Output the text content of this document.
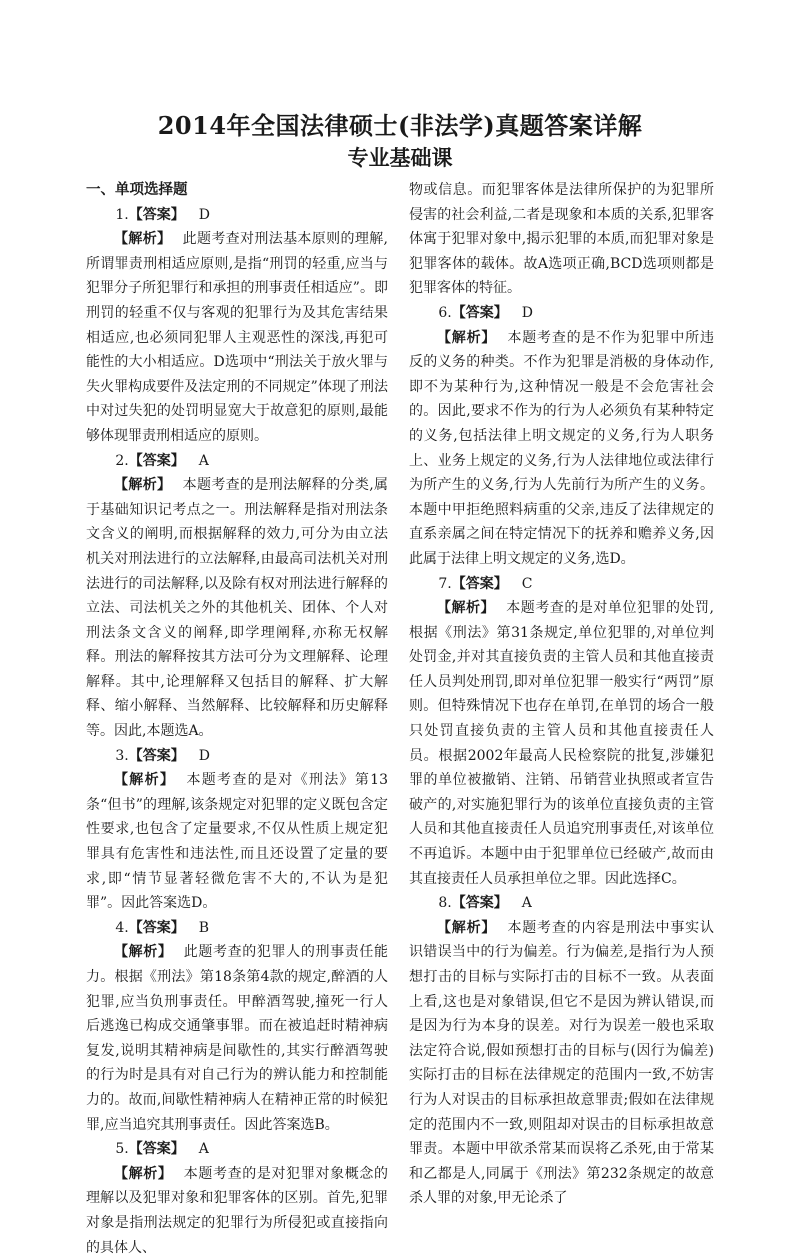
2014年全国法律硕士(非法学)真题答案详解
专业基础课

一、单项选择题

1.【答案】 D

【解析】 此题考查对刑法基本原则的理解,所谓罪责刑相适应原则,是指“刑罚的轻重,应当与犯罪分子所犯罪行和承担的刑事责任相适应”。即刑罚的轻重不仅与客观的犯罪行为及其危害结果相适应,也必须同犯罪人主观恶性的深浅,再犯可能性的大小相适应。D选项中“刑法关于放火罪与失火罪构成要件及法定刑的不同规定”体现了刑法中对过失犯的处罚明显宽大于故意犯的原则,最能够体现罪责刑相适应的原则。

2.【答案】 A

【解析】 本题考查的是刑法解释的分类,属于基础知识记考点之一。刑法解释是指对刑法条文含义的阐明,而根据解释的效力,可分为由立法机关对刑法进行的立法解释,由最高司法机关对刑法进行的司法解释,以及除有权对刑法进行解释的立法、司法机关之外的其他机关、团体、个人对刑法条文含义的阐释,即学理阐释,亦称无权解释。刑法的解释按其方法可分为文理解释、论理解释。其中,论理解释又包括目的解释、扩大解释、缩小解释、当然解释、比较解释和历史解释等。因此,本题选A。

3.【答案】 D

【解析】 本题考查的是对《刑法》第13条“但书”的理解,该条规定对犯罪的定义既包含定性要求,也包含了定量要求,不仅从性质上规定犯罪具有危害性和违法性,而且还设置了定量的要求,即“情节显著轻微危害不大的,不认为是犯罪”。因此答案选D。

4.【答案】 B

【解析】 此题考查的犯罪人的刑事责任能力。根据《刑法》第18条第4款的规定,醉酒的人犯罪,应当负刑事责任。甲醉酒驾驶,撞死一行人后逃逸已构成交通肇事罪。而在被追赶时精神病复发,说明其精神病是间歇性的,其实行醉酒驾驶的行为时是具有对自己行为的辨认能力和控制能力的。故而,间歇性精神病人在精神正常的时候犯罪,应当追究其刑事责任。因此答案选B。

5.【答案】 A

【解析】 本题考查的是对犯罪对象概念的理解以及犯罪对象和犯罪客体的区别。首先,犯罪对象是指刑法规定的犯罪行为所侵犯或直接指向的具体人、

物或信息。而犯罪客体是法律所保护的为犯罪所侵害的社会利益,二者是现象和本质的关系,犯罪客体寓于犯罪对象中,揭示犯罪的本质,而犯罪对象是犯罪客体的载体。故A选项正确,BCD选项则都是犯罪客体的特征。

6.【答案】 D

【解析】 本题考查的是不作为犯罪中所违反的义务的种类。不作为犯罪是消极的身体动作,即不为某种行为,这种情况一般是不会危害社会的。因此,要求不作为的行为人必须负有某种特定的义务,包括法律上明文规定的义务,行为人职务上、业务上规定的义务,行为人法律地位或法律行为所产生的义务,行为人先前行为所产生的义务。本题中甲拒绝照料病重的父亲,违反了法律规定的直系亲属之间在特定情况下的抚养和赡养义务,因此属于法律上明文规定的义务,选D。

7.【答案】 C

【解析】 本题考查的是对单位犯罪的处罚,根据《刑法》第31条规定,单位犯罪的,对单位判处罚金,并对其直接负责的主管人员和其他直接责任人员判处刑罚,即对单位犯罪一般实行“两罚”原则。但特殊情况下也存在单罚,在单罚的场合一般只处罚直接负责的主管人员和其他直接责任人员。根据2002年最高人民检察院的批复,涉嫌犯罪的单位被撤销、注销、吊销营业执照或者宣告破产的,对实施犯罪行为的该单位直接负责的主管人员和其他直接责任人员追究刑事责任,对该单位不再追诉。本题中由于犯罪单位已经破产,故而由其直接责任人员承担单位之罪。因此选择C。

8.【答案】 A

【解析】 本题考查的内容是刑法中事实认识错误当中的行为偏差。行为偏差,是指行为人预想打击的目标与实际打击的目标不一致。从表面上看,这也是对象错误,但它不是因为辨认错误,而是因为行为本身的误差。对行为误差一般也采取法定符合说,假如预想打击的目标与(因行为偏差)实际打击的目标在法律规定的范围内一致,不妨害行为人对误击的目标承担故意罪责;假如在法律规定的范围内不一致,则阻却对误击的目标承担故意罪责。本题中甲欲杀常某而误将乙杀死,由于常某和乙都是人,同属于《刑法》第232条规定的故意杀人罪的对象,甲无论杀了
